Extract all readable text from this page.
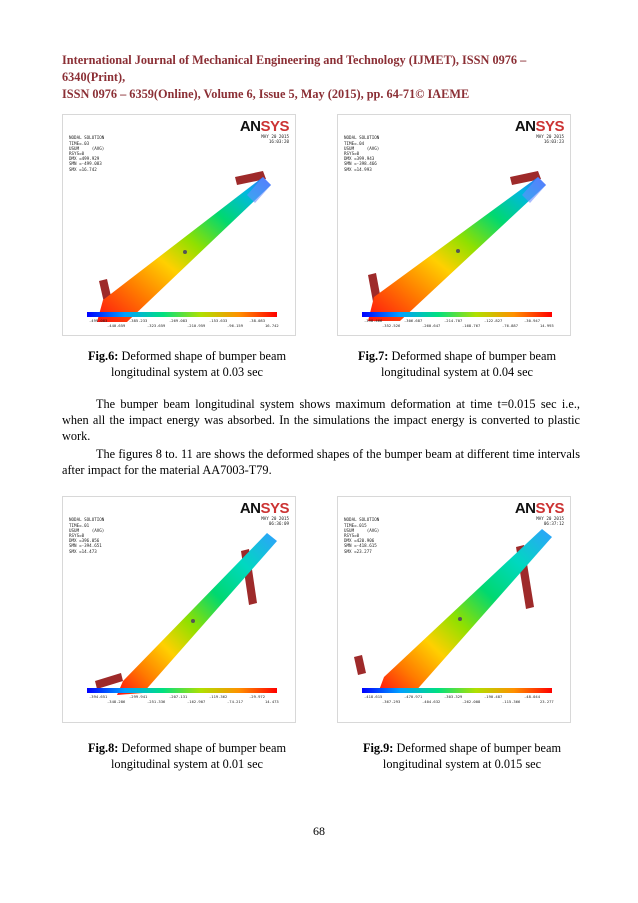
International Journal of Mechanical Engineering and Technology (IJMET), ISSN 0976 – 6340(Print),
ISSN 0976 – 6359(Online), Volume 6, Issue 5, May (2015), pp. 64-71© IAEME

NODAL SOLUTION
TIME=.03
USUM     (AVG)
RSYS=0
DMX =499.929
SMN =-499.083
SMX =16.742

ANSYS
MAY 20 2015
16:03:20
-499.083	-385.233	-269.083	-153.633	-38.083
-440.659	-323.659	-210.959	-96.159	16.742

NODAL SOLUTION
TIME=.04
USUM     (AVG)
RSYS=0
DMX =399.943
SMN =-398.466
SMX =14.993

ANSYS
MAY 20 2015
16:03:23
-398.466	-306.687	-214.707	-122.827	-30.947
-352.526	-260.647	-168.767	-76.887	14.993
Fig.6: Deformed shape of bumper beam
longitudinal system at 0.03 sec
Fig.7: Deformed shape of bumper beam
longitudinal system at 0.04 sec
The bumper beam longitudinal system shows maximum deformation at time t=0.015 sec i.e., when all the impact energy was absorbed. In the simulations the impact energy is converted to plastic work.
The figures 8 to. 11 are shows the deformed shapes of the bumper beam at different time intervals after impact for the material AA7003-T79.

NODAL SOLUTION
TIME=.01
USUM     (AVG)
RSYS=0
DMX =396.056
SMN =-394.651
SMX =14.473

ANSYS
MAY 20 2015
06:36:09
-394.651	-299.941	-207.131	-119.362	-29.972
-348.286	-251.336	-162.907	-74.217	14.473

NODAL SOLUTION
TIME=.015
USUM     (AVG)
RSYS=0
DMX =420.906
SMN =-418.615
SMX =23.277

ANSYS
MAY 20 2015
06:37:12
-418.615	-470.971	-303.329	-190.487	-48.044
-367.293	-404.632	-262.008	-115.366	23.277
Fig.8: Deformed shape of bumper beam
longitudinal system at 0.01 sec
Fig.9: Deformed shape of bumper beam
longitudinal system at 0.015 sec
68
